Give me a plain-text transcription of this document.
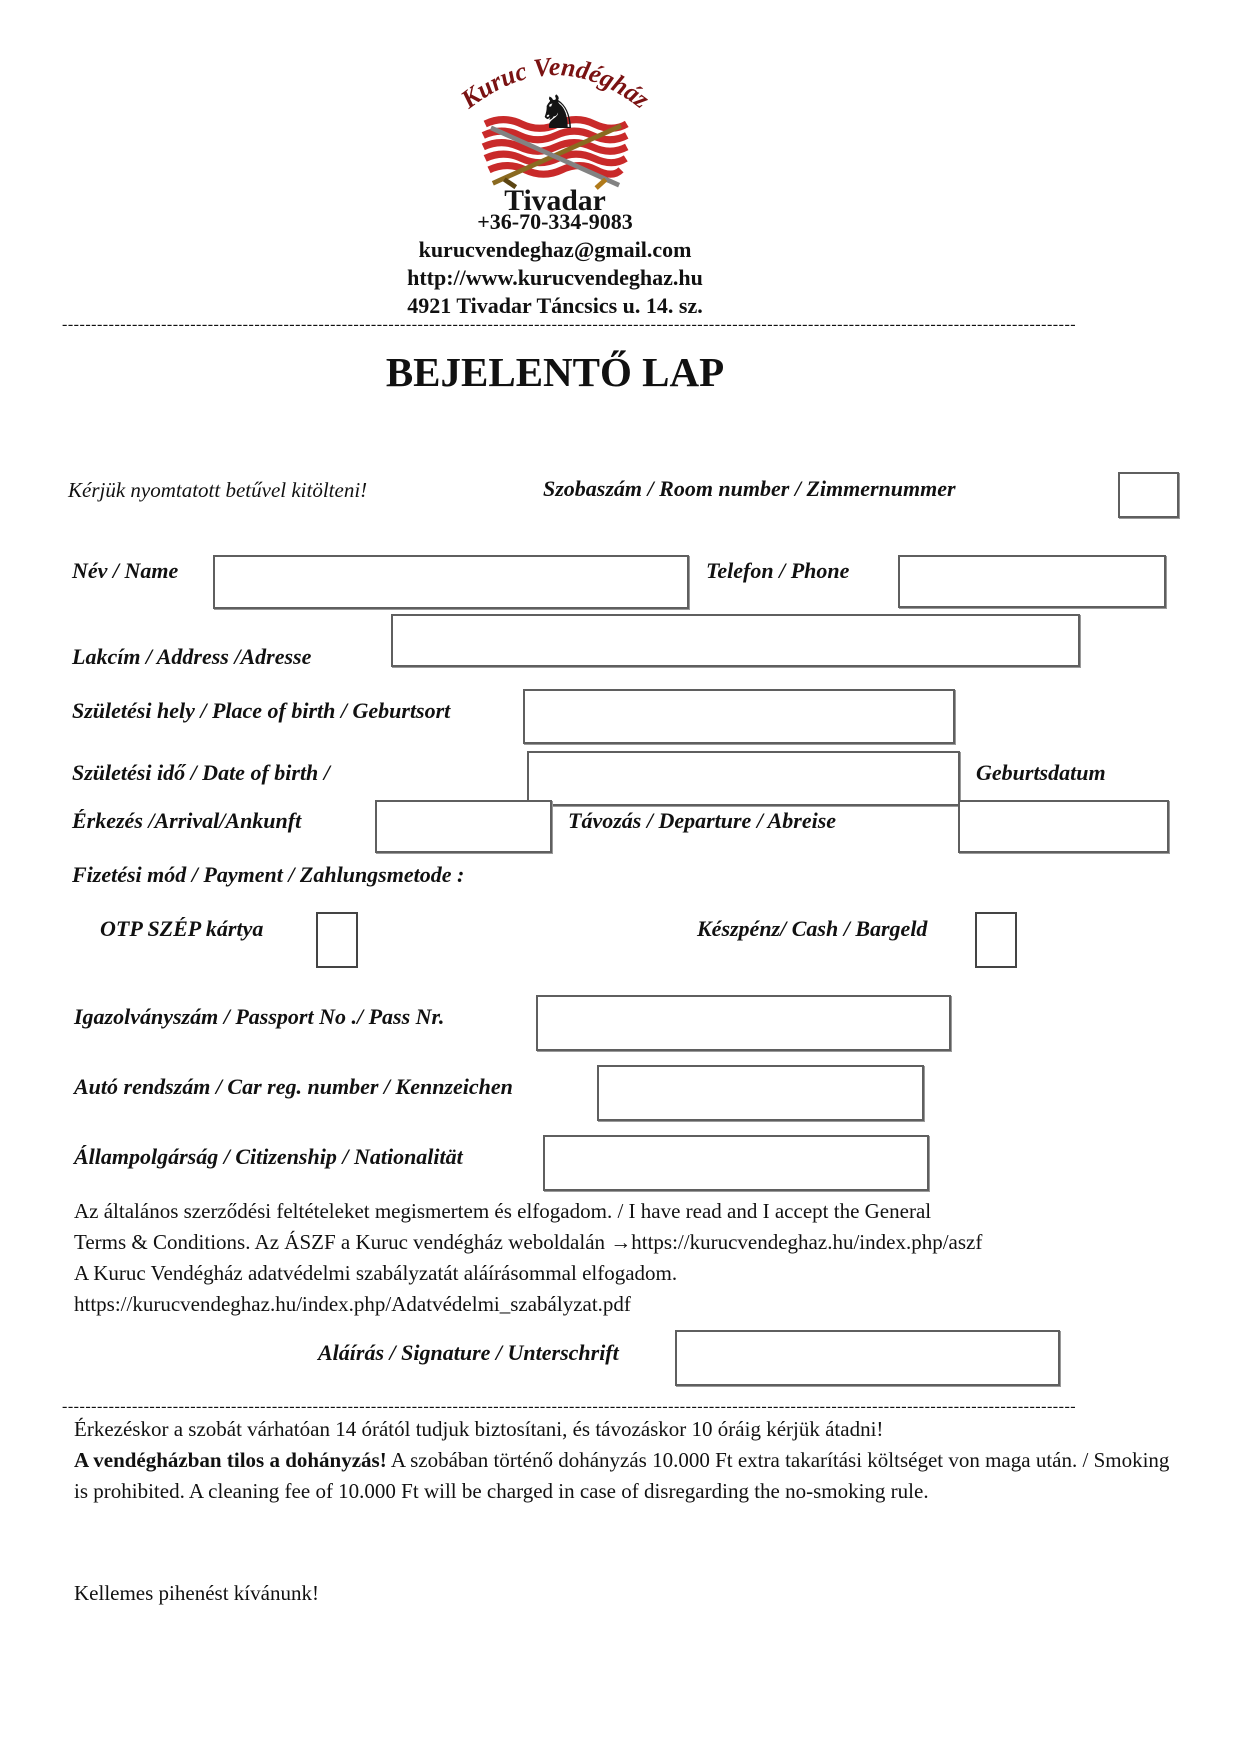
Kuruc Vendégház
♞
Tivadar
+36-70-334-9083
kurucvendeghaz@gmail.com
http://www.kurucvendeghaz.hu
4921 Tivadar Táncsics u. 14. sz.
------------------------------------------------------------------------------------------------------------------------------------------------------------------------------
BEJELENTŐ LAP
Kérjük nyomtatott betűvel kitölteni!	Szobaszám / Room number / Zimmernummer
Név / Name	Telefon / Phone
Lakcím / Address /Adresse
Születési hely / Place of birth / Geburtsort
Születési idő / Date of birth /	Geburtsdatum
Érkezés /Arrival/Ankunft	Távozás / Departure / Abreise
Fizetési mód / Payment / Zahlungsmetode :
OTP SZÉP kártya	Készpénz/ Cash / Bargeld
Igazolványszám / Passport No ./ Pass Nr.
Autó rendszám / Car reg. number / Kennzeichen
Állampolgárság / Citizenship / Nationalität
Az általános szerződési feltételeket megismertem és elfogadom. / I have read and I accept the General
Terms & Conditions. Az ÁSZF a Kuruc vendégház weboldalán →https://kurucvendeghaz.hu/index.php/aszf
A Kuruc Vendégház adatvédelmi szabályzatát aláírásommal elfogadom.
https://kurucvendeghaz.hu/index.php/Adatvédelmi_szabályzat.pdf
Aláírás / Signature / Unterschrift
------------------------------------------------------------------------------------------------------------------------------------------------------------------------------
Érkezéskor a szobát várhatóan 14 órától tudjuk biztosítani, és távozáskor 10 óráig kérjük átadni!
A vendégházban tilos a dohányzás! A szobában történő dohányzás 10.000 Ft extra takarítási költséget von maga után. / Smoking is prohibited. A cleaning fee of 10.000 Ft will be charged in case of disregarding the no-smoking rule.
Kellemes pihenést kívánunk!
